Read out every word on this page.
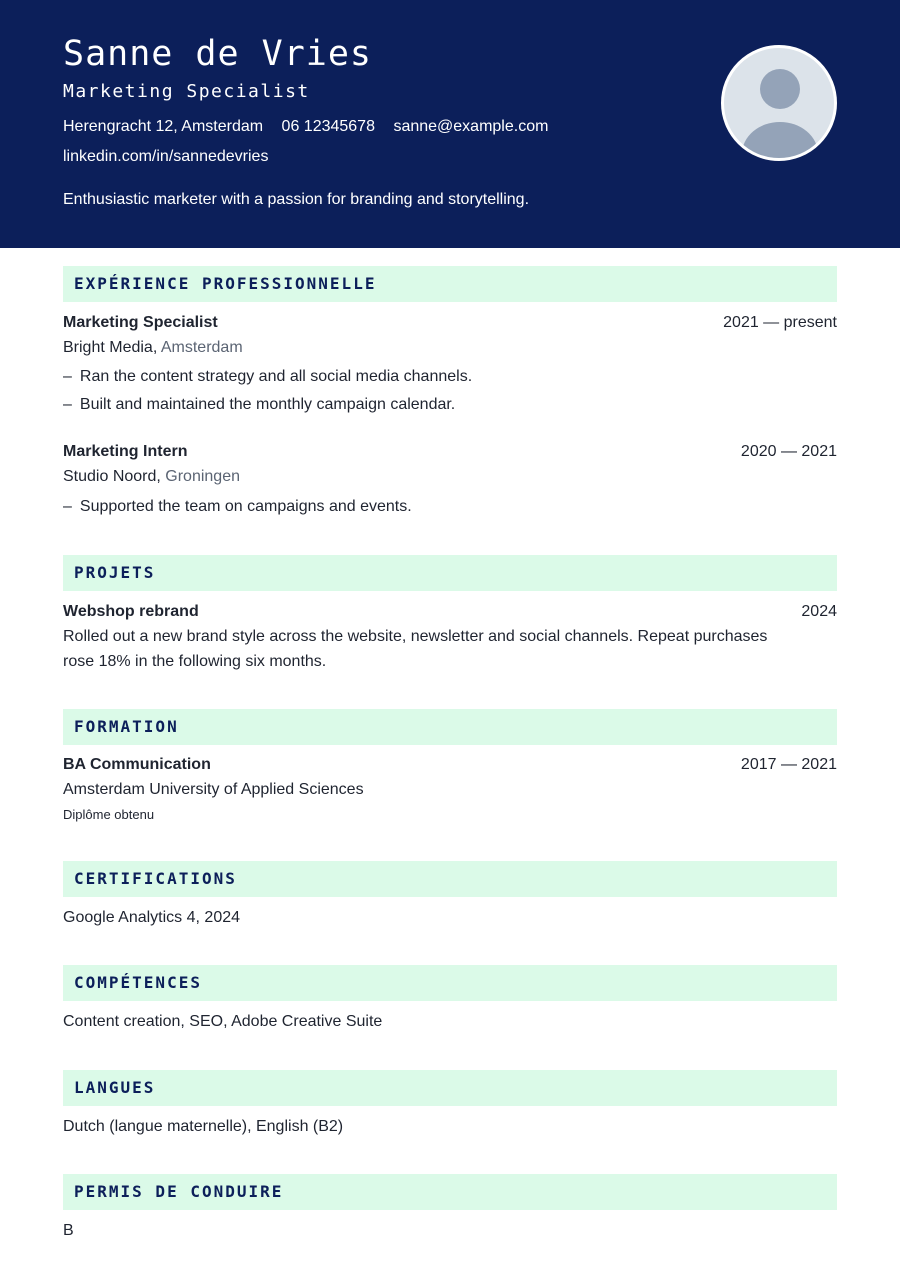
Sanne de Vries
Marketing Specialist
Herengracht 12, Amsterdam 06 12345678 sanne@example.com
linkedin.com/in/sannedevries
Enthusiastic marketer with a passion for branding and storytelling.
EXPÉRIENCE PROFESSIONNELLE
Marketing Specialist	2021 — present
Bright Media, Amsterdam
– Ran the content strategy and all social media channels.
– Built and maintained the monthly campaign calendar.
Marketing Intern	2020 — 2021
Studio Noord, Groningen
– Supported the team on campaigns and events.
PROJETS
Webshop rebrand	2024
Rolled out a new brand style across the website, newsletter and social channels. Repeat purchases
rose 18% in the following six months.
FORMATION
BA Communication	2017 — 2021
Amsterdam University of Applied Sciences
Diplôme obtenu
CERTIFICATIONS
Google Analytics 4, 2024
COMPÉTENCES
Content creation, SEO, Adobe Creative Suite
LANGUES
Dutch (langue maternelle), English (B2)
PERMIS DE CONDUIRE
B
